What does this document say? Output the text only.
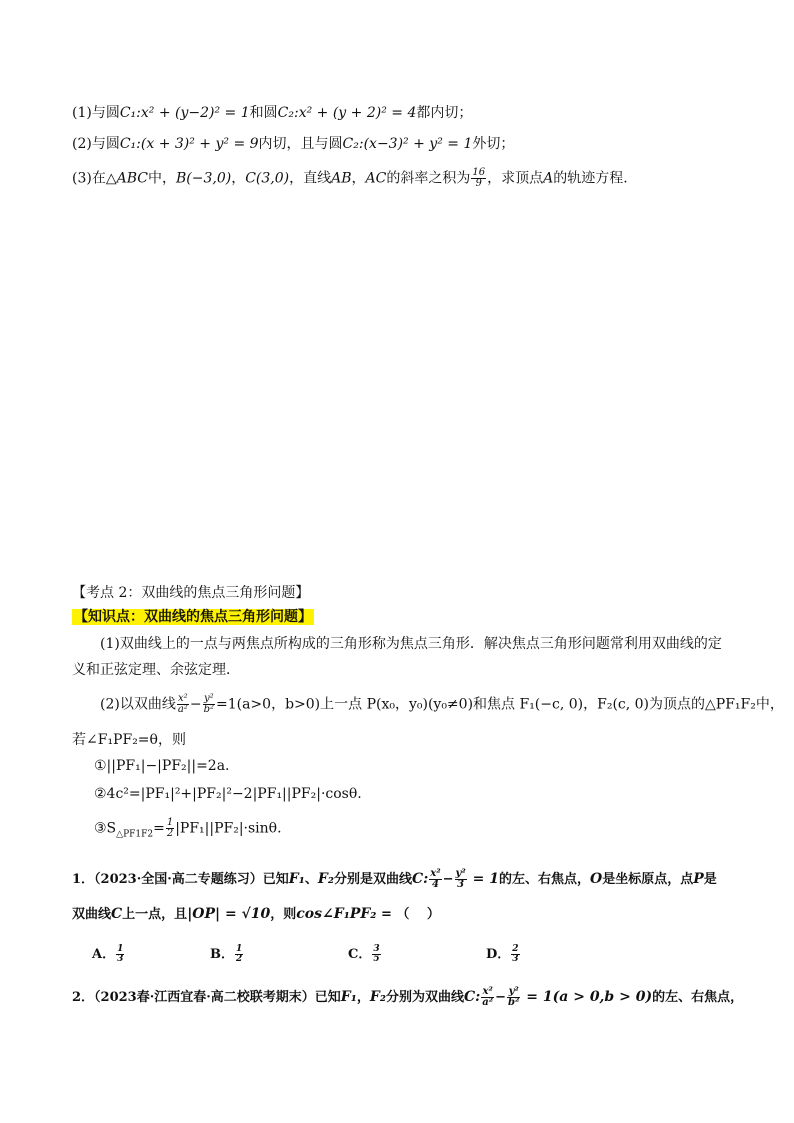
(1)与圆C₁:x² + (y−2)² = 1和圆C₂:x² + (y + 2)² = 4都内切；
(2)与圆C₁:(x + 3)² + y² = 9内切，且与圆C₂:(x−3)² + y² = 1外切；
(3)在△ABC中，B(−3,0)，C(3,0)，直线AB，AC的斜率之积为 $\frac{16}{9}$ ，求顶点A的轨迹方程.
【考点 2：双曲线的焦点三角形问题】
【知识点：双曲线的焦点三角形问题】
(1)双曲线上的一点与两焦点所构成的三角形称为焦点三角形．解决焦点三角形问题常利用双曲线的定
义和正弦定理、余弦定理．
(2)以双曲线 $\frac{\text{x²}}{\text{a²}} - \frac{\text{y²}}{\text{b²}} =1(a>0$，b>0)上一点 P(x₀，y₀)(y₀≠0)和焦点 F₁(−c, 0)，F₂(c, 0)为顶点的△PF₁F₂中，
若∠F₁PF₂=θ，则
①||PF₁|−|PF₂||=2a.
②4c²=|PF₁|²+|PF₂|²−2|PF₁||PF₂|·cosθ.
$③S_{\triangle PF1F2}= \frac{1}{2} |PF_1||PF_2|\cdot\sin\theta$.
1．（2023·全国·高二专题练习）已知F₁、F₂分别是双曲线C: $\frac{\text{x²}}{4} - \frac{\text{y²}}{3} = 1$的左、右焦点，O是坐标原点，点P是
双曲线C上一点，且|OP| = √10，则cos∠F₁PF₂ = （　 ）
A． $\frac{1}{3}$	B． $\frac{1}{2}$	C． $\frac{3}{5}$	D． $\frac{2}{3}$
2．（2023春·江西宜春·高二校联考期末）已知F₁，F₂分别为双曲线C: $\frac{\text{x²}}{\text{a²}} - \frac{\text{y²}}{\text{b²}} = 1(a > 0,b > 0)$的左、右焦点，
